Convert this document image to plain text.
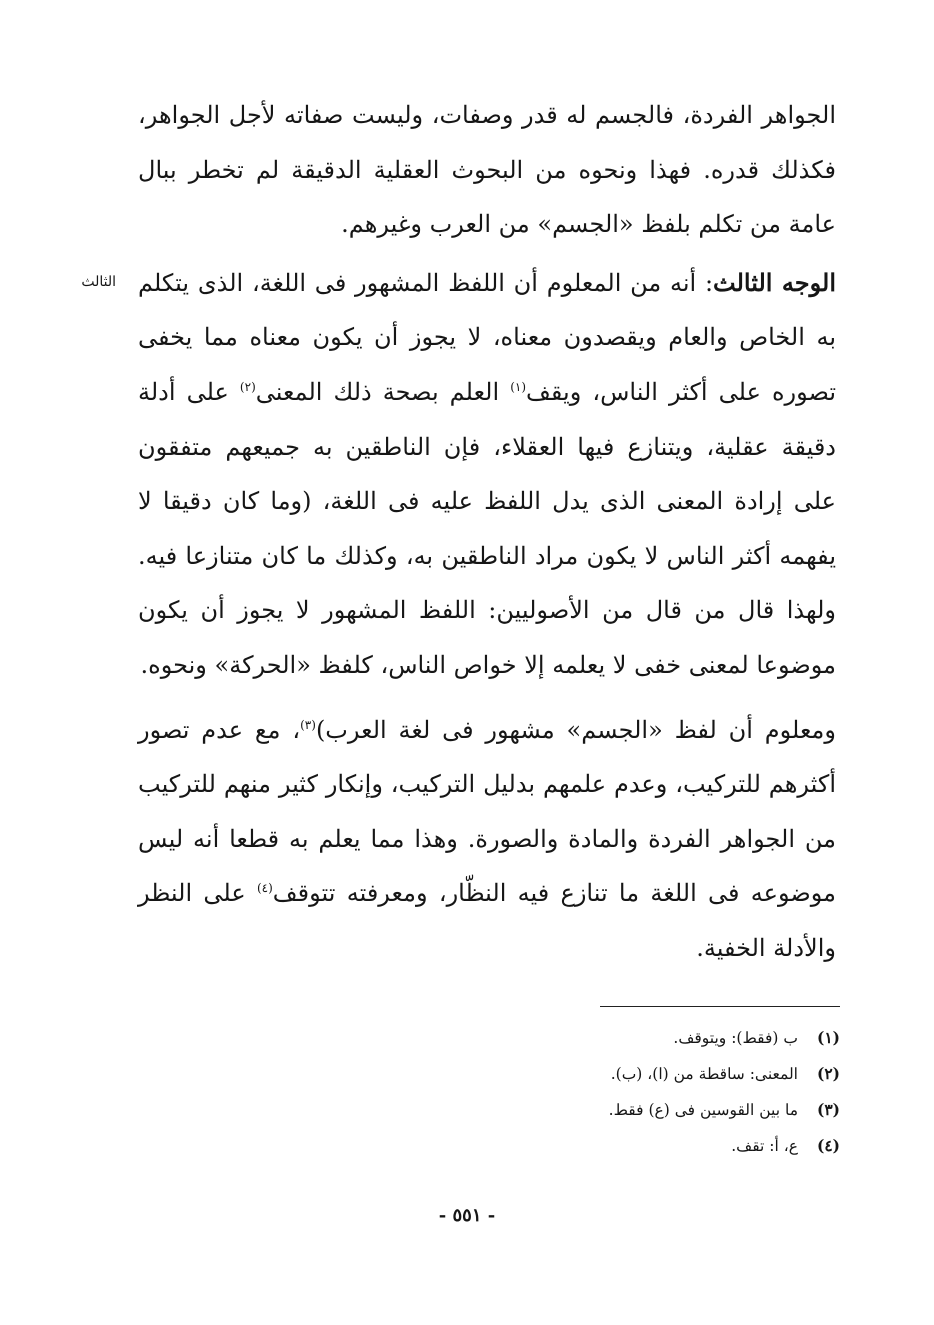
الثالث

الجواهر الفردة، فالجسم له قدر وصفات، وليست صفاته لأجل الجواهر، فكذلك قدره. فهذا ونحوه من البحوث العقلية الدقيقة لم تخطر ببال عامة من تكلم بلفظ «الجسم» من العرب وغيرهم.

الوجه الثالث: أنه من المعلوم أن اللفظ المشهور فى اللغة، الذى يتكلم به الخاص والعام ويقصدون معناه، لا يجوز أن يكون معناه مما يخفى تصوره على أكثر الناس، ويقف$^{(١)}$ العلم بصحة ذلك المعنى$^{(٢)}$ على أدلة دقيقة عقلية، ويتنازع فيها العقلاء، فإن الناطقين به جميعهم متفقون على إرادة المعنى الذى يدل اللفظ عليه فى اللغة، (وما كان دقيقا لا يفهمه أكثر الناس لا يكون مراد الناطقين به، وكذلك ما كان متنازعا فيه. ولهذا قال من قال من الأصوليين: اللفظ المشهور لا يجوز أن يكون موضوعا لمعنى خفى لا يعلمه إلا خواص الناس، كلفظ «الحركة» ونحوه.

ومعلوم أن لفظ «الجسم» مشهور فى لغة العرب)$^{(٣)}$، مع عدم تصور أكثرهم للتركيب، وعدم علمهم بدليل التركيب، وإنكار كثير منهم للتركيب من الجواهر الفردة والمادة والصورة. وهذا مما يعلم به قطعا أنه ليس موضوعه فى اللغة ما تنازع فيه النظّار، ومعرفته تتوقف$^{(٤)}$ على النظر والأدلة الخفية.

(١)ب (فقط): ويتوقف.
(٢)المعنى: ساقطة من (ا)، (ب).
(٣)ما بين القوسين فى (ع) فقط.
(٤)ع، أ: تقف.
- ٥٥١ -
